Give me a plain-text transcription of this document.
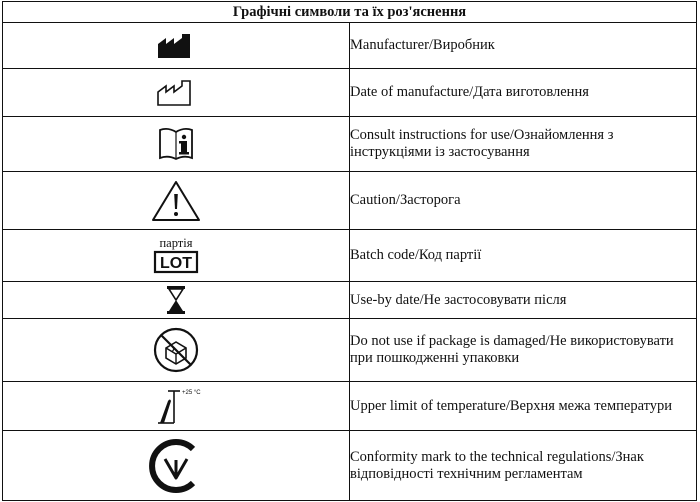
Графічні символи та їх роз'яснення	

	Manufacturer/Виробник

	Date of manufacture/Дата виготовлення

	Consult instructions for use/Ознайомлення з інструкціями із застосування

	Caution/Застoрога

партія
LOT	Batch code/Код партії

	Use-by date/Не застосовувати після

	Do not use if package is damaged/Не використовувати при пошкодженні упаковки

+25 °C	Upper limit of temperature/Верхня межа температури

	Conformity mark to the technical regulations/Знак відповідності технічним регламентам
